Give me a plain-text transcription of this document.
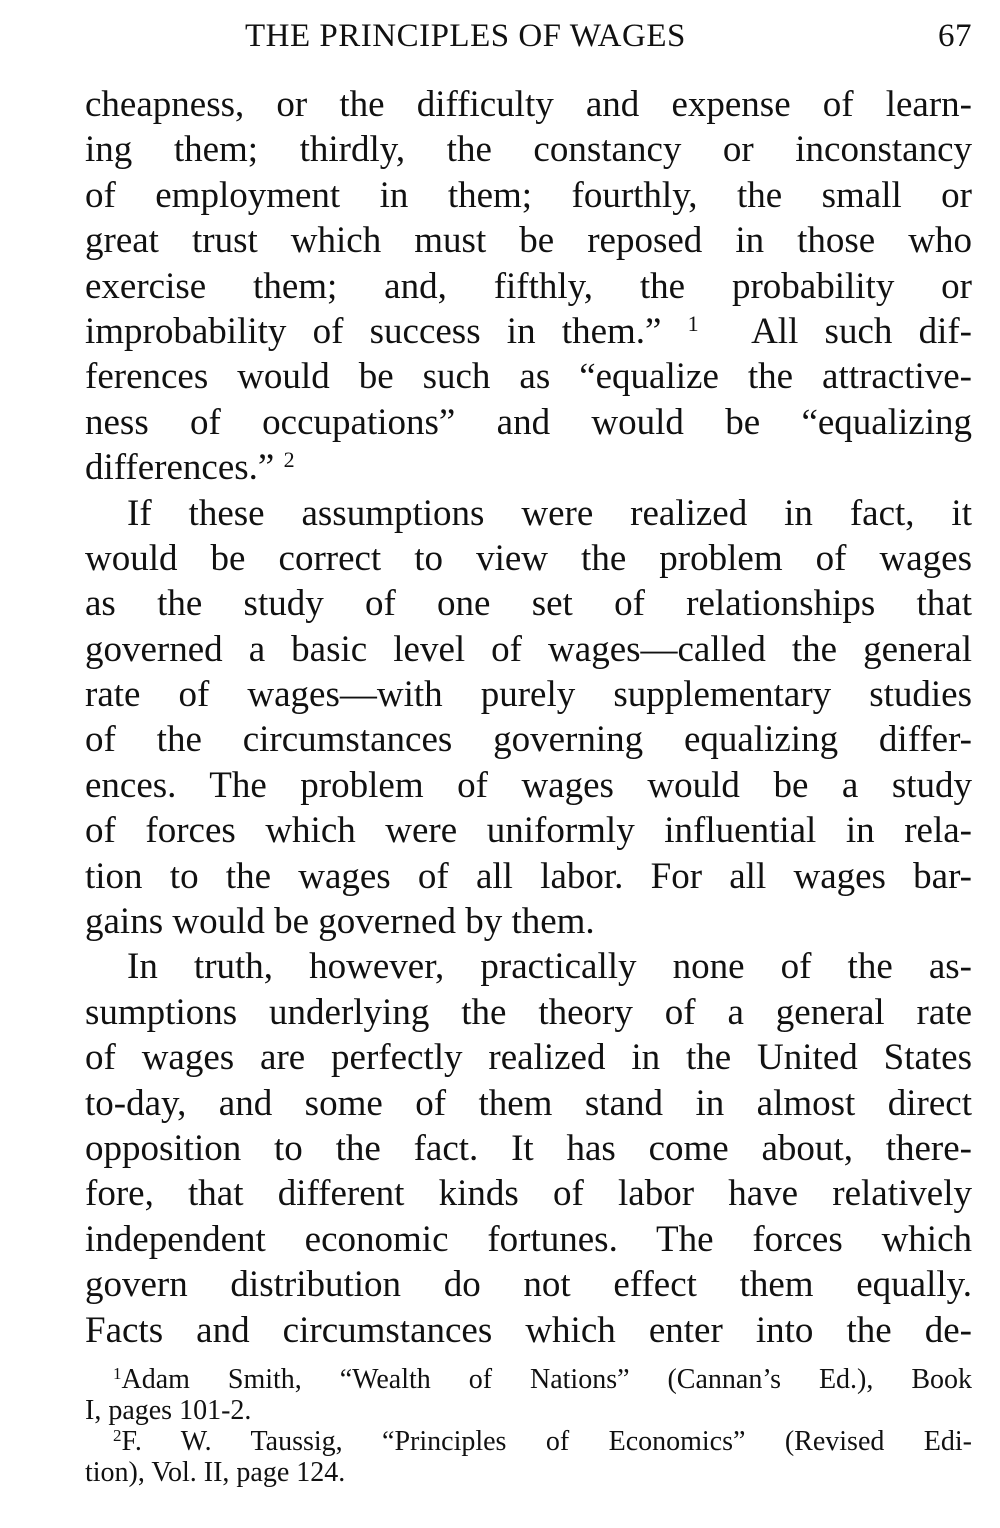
THE PRINCIPLES OF WAGES	67
cheapness, or the difficulty and expense of learn-
ing them; thirdly, the constancy or inconstancy
of employment in them; fourthly, the small or
great trust which must be reposed in those who
exercise them; and, fifthly, the probability or
improbability of success in them.” $^1$ All such dif-
ferences would be such as “equalize the attractive-
ness of occupations” and would be “equalizing
differences.” $^2$
If these assumptions were realized in fact, it
would be correct to view the problem of wages
as the study of one set of relationships that
governed a basic level of wages—called the general
rate of wages—with purely supplementary studies
of the circumstances governing equalizing differ-
ences. The problem of wages would be a study
of forces which were uniformly influential in rela-
tion to the wages of all labor. For all wages bar-
gains would be governed by them.
In truth, however, practically none of the as-
sumptions underlying the theory of a general rate
of wages are perfectly realized in the United States
to-day, and some of them stand in almost direct
opposition to the fact. It has come about, there-
fore, that different kinds of labor have relatively
independent economic fortunes. The forces which
govern distribution do not effect them equally.
Facts and circumstances which enter into the de-
$^1$Adam Smith, “Wealth of Nations” (Cannan’s Ed.), Book
I, pages 101-2.
$^2$F. W. Taussig, “Principles of Economics” (Revised Edi-
tion), Vol. II, page 124.
